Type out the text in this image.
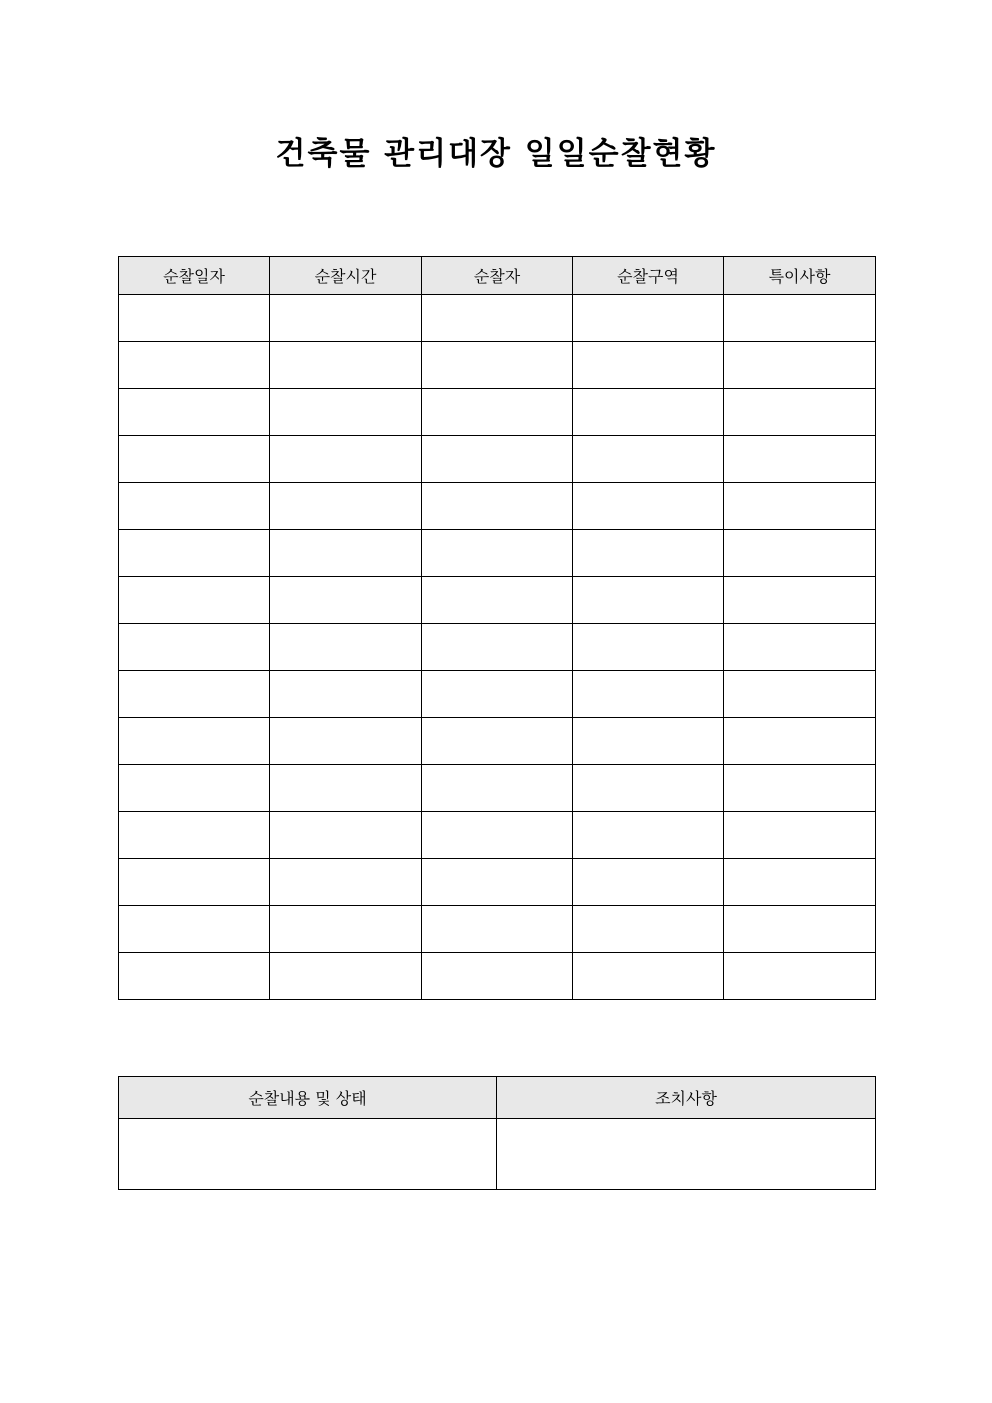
건축물 관리대장 일일순찰현황
순찰일자	순찰시간	순찰자	순찰구역	특이사항

순찰내용 및 상태	조치사항
